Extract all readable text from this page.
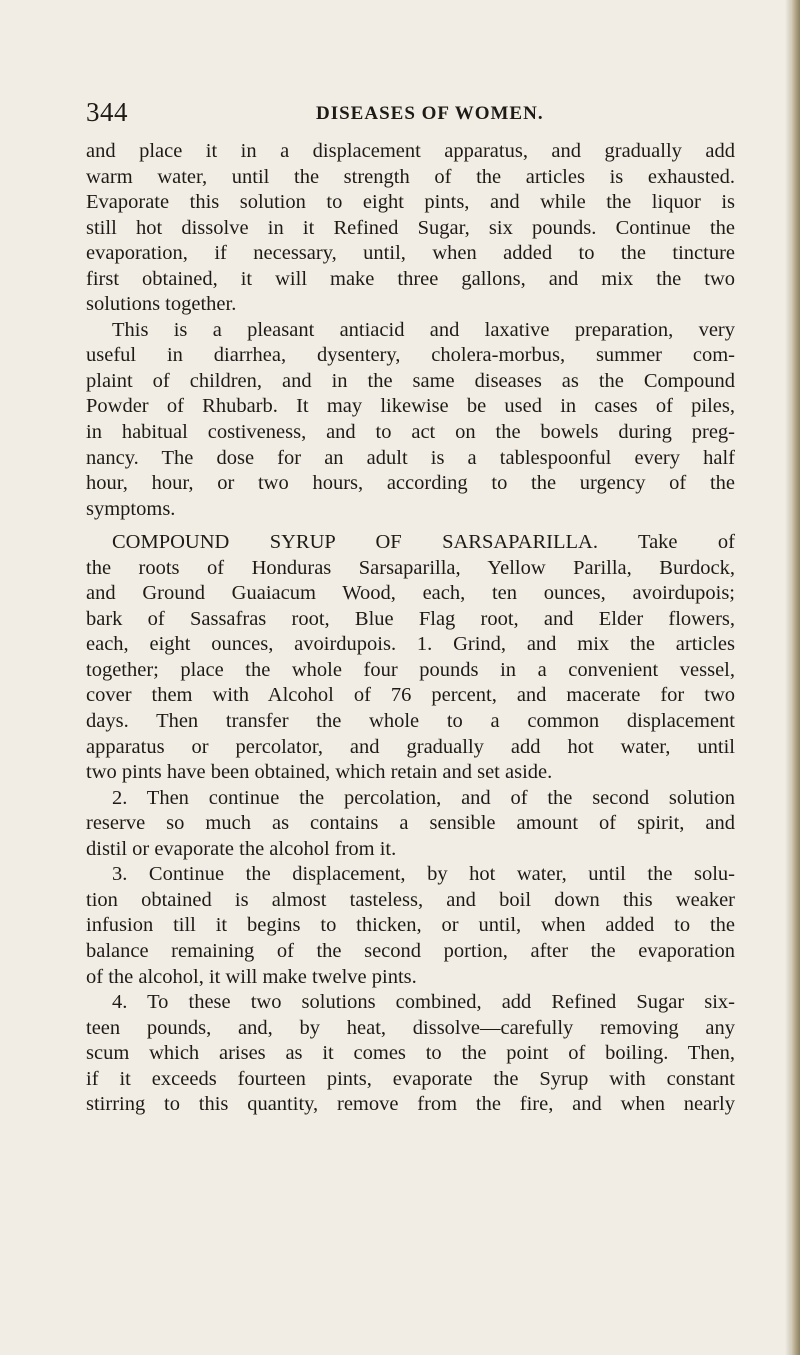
344	DISEASES OF WOMEN.
and place it in a displacement apparatus, and gradually add
warm water, until the strength of the articles is exhausted.
Evaporate this solution to eight pints, and while the liquor is
still hot dissolve in it Refined Sugar, six pounds. Continue the
evaporation, if necessary, until, when added to the tincture
first obtained, it will make three gallons, and mix the two
solutions together.
This is a pleasant antiacid and laxative preparation, very
useful in diarrhea, dysentery, cholera-morbus, summer com-
plaint of children, and in the same diseases as the Compound
Powder of Rhubarb. It may likewise be used in cases of piles,
in habitual costiveness, and to act on the bowels during preg-
nancy. The dose for an adult is a tablespoonful every half
hour, hour, or two hours, according to the urgency of the
symptoms.
COMPOUND SYRUP OF SARSAPARILLA. Take of
the roots of Honduras Sarsaparilla, Yellow Parilla, Burdock,
and Ground Guaiacum Wood, each, ten ounces, avoirdupois;
bark of Sassafras root, Blue Flag root, and Elder flowers,
each, eight ounces, avoirdupois. 1. Grind, and mix the articles
together; place the whole four pounds in a convenient vessel,
cover them with Alcohol of 76 percent, and macerate for two
days. Then transfer the whole to a common displacement
apparatus or percolator, and gradually add hot water, until
two pints have been obtained, which retain and set aside.
2. Then continue the percolation, and of the second solution
reserve so much as contains a sensible amount of spirit, and
distil or evaporate the alcohol from it.
3. Continue the displacement, by hot water, until the solu-
tion obtained is almost tasteless, and boil down this weaker
infusion till it begins to thicken, or until, when added to the
balance remaining of the second portion, after the evaporation
of the alcohol, it will make twelve pints.
4. To these two solutions combined, add Refined Sugar six-
teen pounds, and, by heat, dissolve—carefully removing any
scum which arises as it comes to the point of boiling. Then,
if it exceeds fourteen pints, evaporate the Syrup with constant
stirring to this quantity, remove from the fire, and when nearly
